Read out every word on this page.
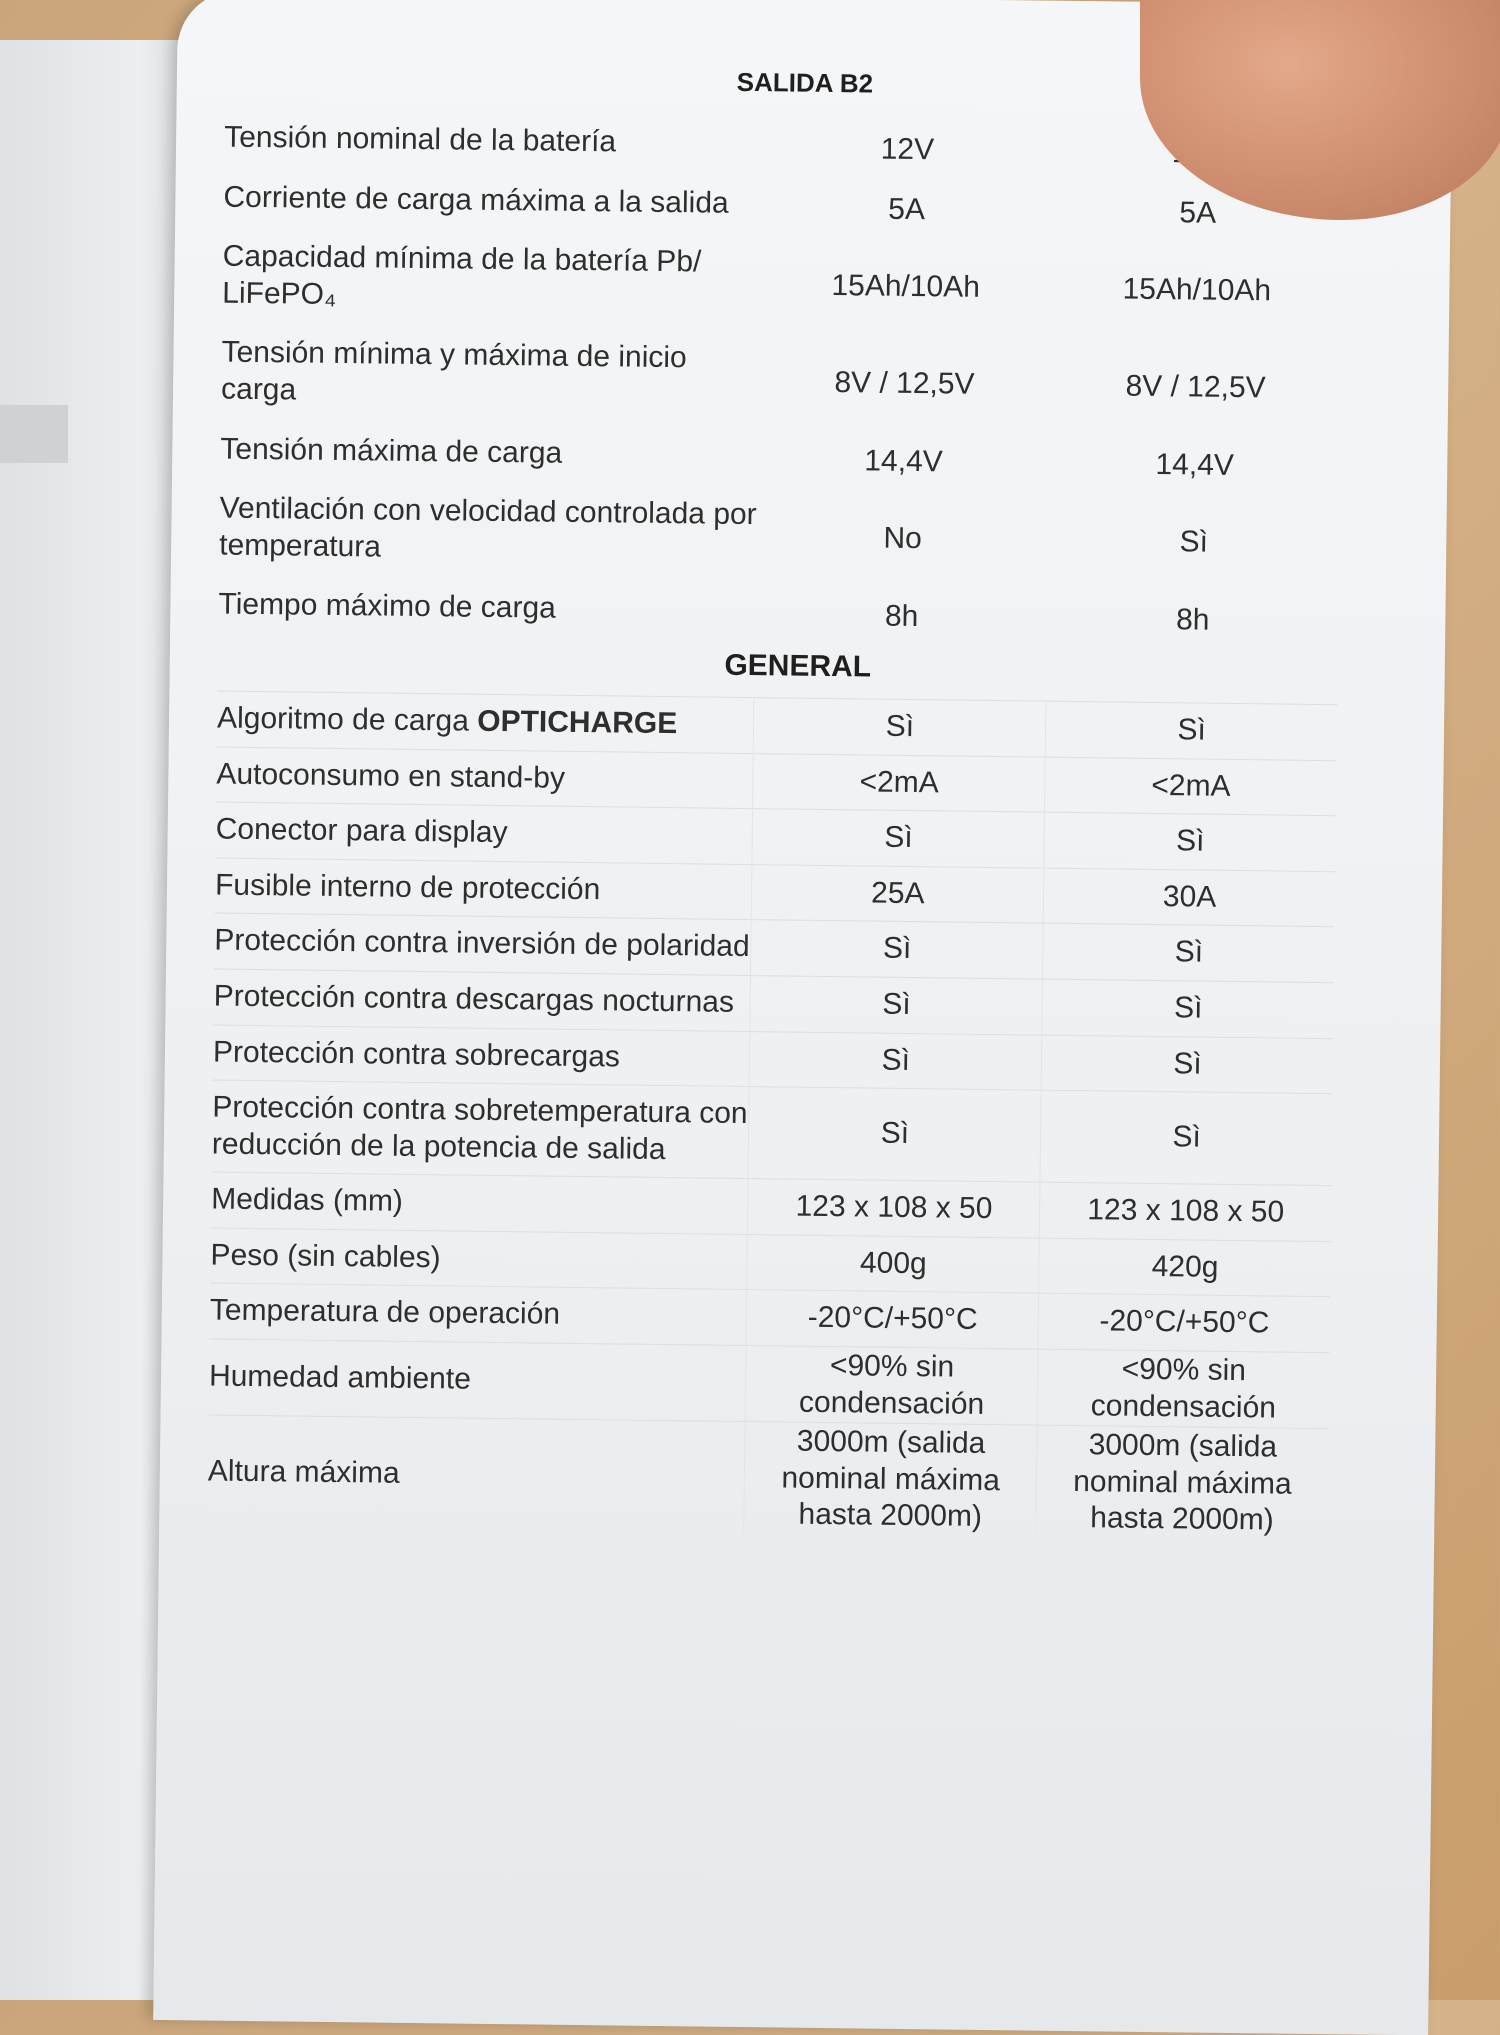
SALIDA B2
Tensión nominal de la batería	12V	
Corriente de carga máxima a la salida	5A	5A
Capacidad mínima de la batería Pb/ LiFePO₄	15Ah/10Ah	15Ah/10Ah
Tensión mínima y máxima de inicio carga	8V / 12,5V	8V / 12,5V
Tensión máxima de carga	14,4V	14,4V
Ventilación con velocidad controlada por temperatura	No	Sì
Tiempo máximo de carga	8h	8h
GENERAL
Algoritmo de carga OPTICHARGE	Sì	Sì
Autoconsumo en stand-by	<2mA	<2mA
Conector para display	Sì	Sì
Fusible interno de protección	25A	30A
Protección contra inversión de polaridad	Sì	Sì
Protección contra descargas nocturnas	Sì	Sì
Protección contra sobrecargas	Sì	Sì
Protección contra sobretemperatura con reducción de la potencia de salida	Sì	Sì
Medidas (mm)	123 x 108 x 50	123 x 108 x 50
Peso (sin cables)	400g	420g
Temperatura de operación	-20°C/+50°C	-20°C/+50°C
Humedad ambiente	<90% sin condensación	<90% sin condensación
Altura máxima	3000m (salida nominal máxima hasta 2000m)	3000m (salida nominal máxima hasta 2000m)
